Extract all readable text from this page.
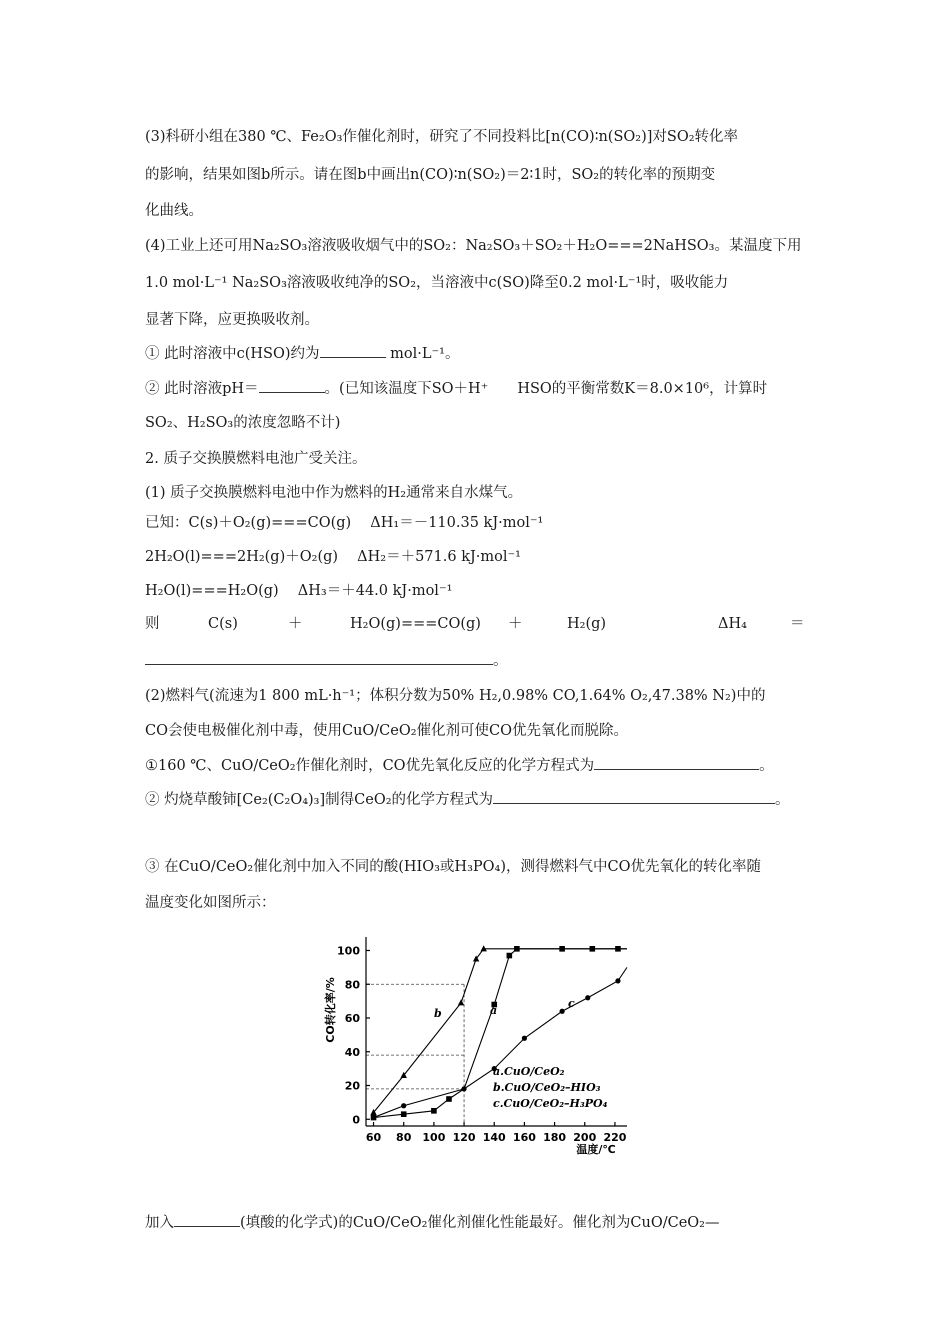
(3)科研小组在380 ℃、Fe₂O₃作催化剂时，研究了不同投料比[n(CO)∶n(SO₂)]对SO₂转化率
的影响，结果如图b所示。请在图b中画出n(CO)∶n(SO₂)＝2∶1时，SO₂的转化率的预期变
化曲线。
(4)工业上还可用Na₂SO₃溶液吸收烟气中的SO₂：Na₂SO₃＋SO₂＋H₂O===2NaHSO₃。某温度下用
1.0 mol·L⁻¹ Na₂SO₃溶液吸收纯净的SO₂，当溶液中c(SO)降至0.2 mol·L⁻¹时，吸收能力
显著下降，应更换吸收剂。
① 此时溶液中c(HSO)约为	mol·L⁻¹。
② 此时溶液pH＝	。(已知该温度下SO＋H⁺　　HSO的平衡常数K＝8.0×10⁶，计算时
SO₂、H₂SO₃的浓度忽略不计)
2. 质子交换膜燃料电池广受关注。
(1) 质子交换膜燃料电池中作为燃料的H₂通常来自水煤气。
已知：C(s)＋O₂(g)===CO(g)　 ΔH₁＝－110.35 kJ·mol⁻¹
2H₂O(l)===2H₂(g)＋O₂(g)　 ΔH₂＝＋571.6 kJ·mol⁻¹
H₂O(l)===H₂O(g)　 ΔH₃＝＋44.0 kJ·mol⁻¹
则	C(s)	＋	H₂O(g)===CO(g) ＋	H₂(g)	ΔH₄	＝
。
(2)燃料气(流速为1 800 mL·h⁻¹；体积分数为50% H₂,0.98% CO,1.64% O₂,47.38% N₂)中的
CO会使电极催化剂中毒，使用CuO/CeO₂催化剂可使CO优先氧化而脱除。
①160 ℃、CuO/CeO₂作催化剂时，CO优先氧化反应的化学方程式为	。
② 灼烧草酸铈[Ce₂(C₂O₄)₃]制得CeO₂的化学方程式为	。
③ 在CuO/CeO₂催化剂中加入不同的酸(HIO₃或H₃PO₄)，测得燃料气中CO优先氧化的转化率随
温度变化如图所示：
0
20
40
60
80
100
60 80 100 120 140 160 180 200 220
CO转化率/%
温度/℃
b	a
c
a.CuO/CeO₂
b.CuO/CeO₂–HIO₃
c.CuO/CeO₂–H₃PO₄
加入	(填酸的化学式)的CuO/CeO₂催化剂催化性能最好。催化剂为CuO/CeO₂—
